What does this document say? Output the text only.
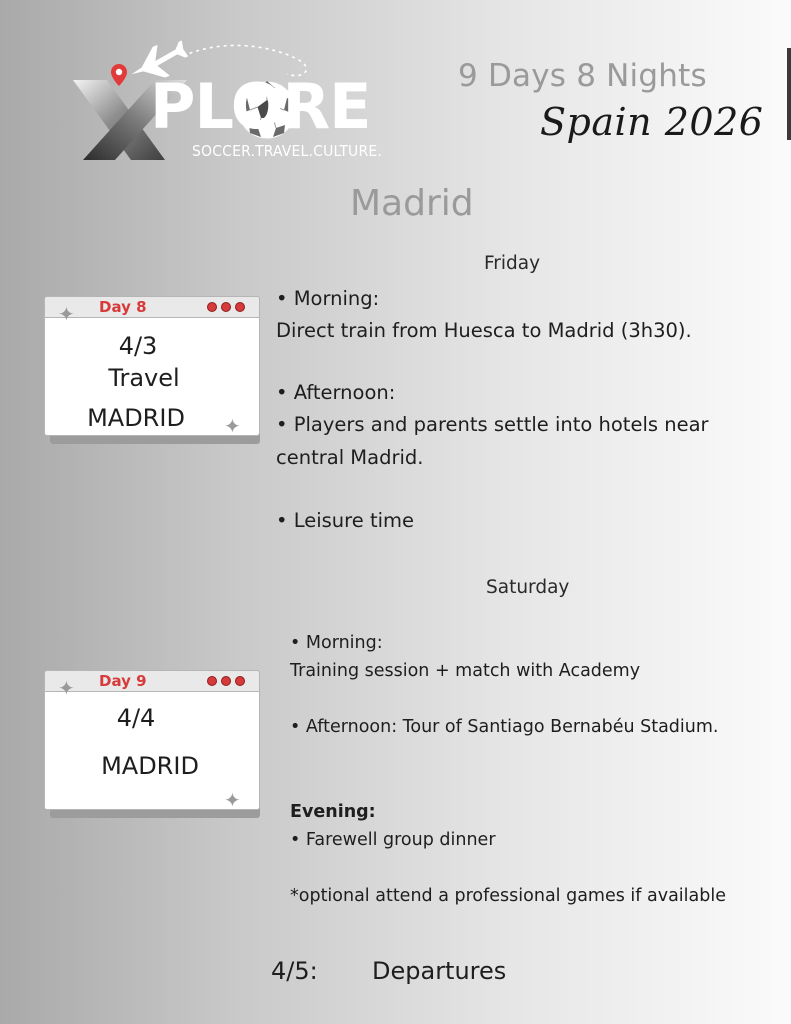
PLORE
SOCCER.TRAVEL.CULTURE.
9 Days 8 Nights
Spain 2026
Madrid
Day 8
4/3
Travel
MADRID
✦
✦
Friday
• Morning:
Direct train from Huesca to Madrid (3h30).
• Afternoon:
• Players and parents settle into hotels near
central Madrid.
• Leisure time
Day 9
4/4
MADRID
✦
✦
Saturday
• Morning:
Training session + match with Academy
• Afternoon: Tour of Santiago Bernabéu Stadium.
Evening:
• Farewell group dinner
*optional attend a professional games if available
4/5: Departures
